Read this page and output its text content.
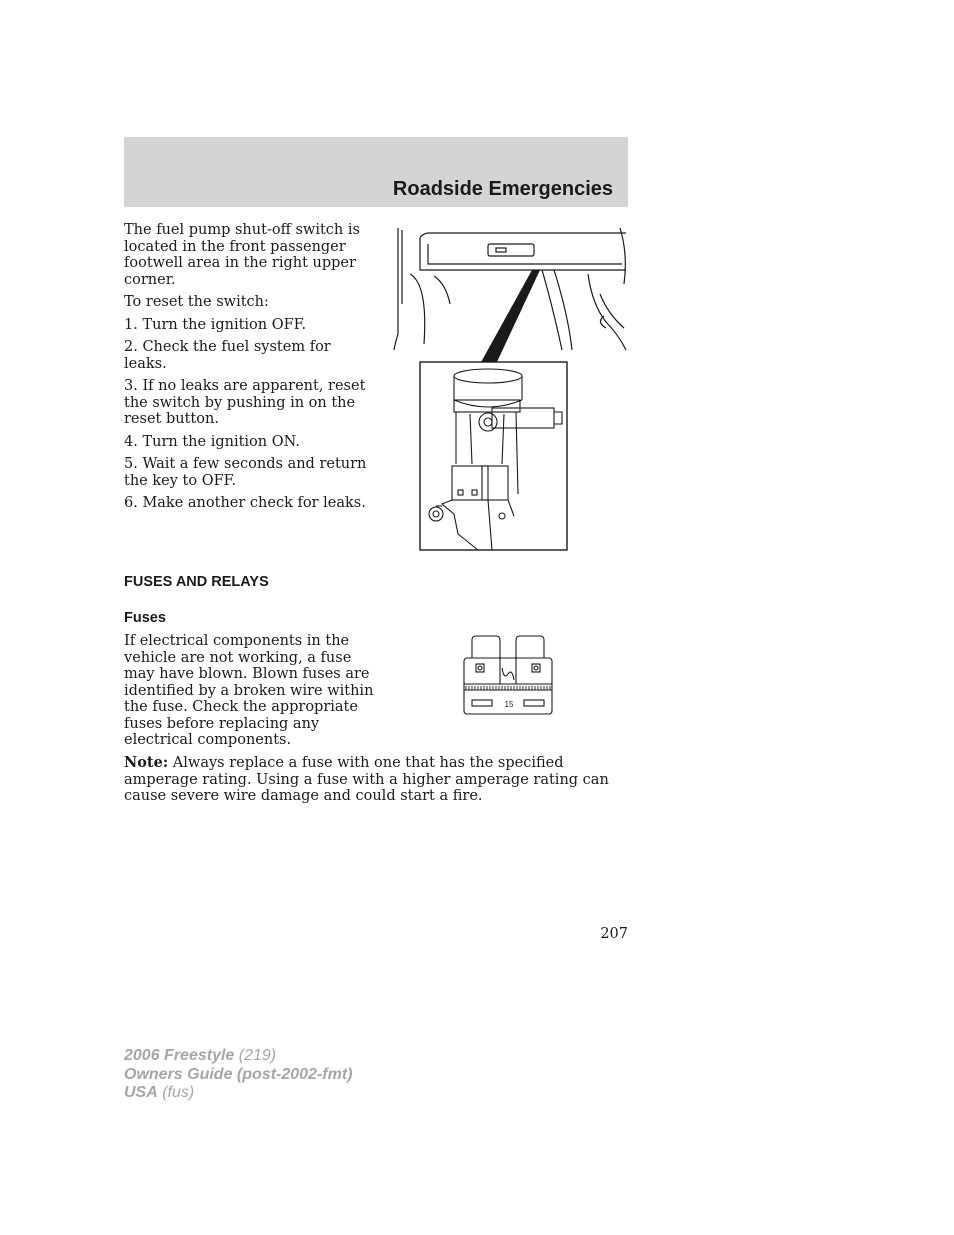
Roadside Emergencies

The fuel pump shut-off switch is located in the front passenger footwell area in the right upper corner.

To reset the switch:

1. Turn the ignition OFF.

2. Check the fuel system for leaks.

3. If no leaks are apparent, reset the switch by pushing in on the reset button.

4. Turn the ignition ON.

5. Wait a few seconds and return the key to OFF.

6. Make another check for leaks.

FUSES AND RELAYS
Fuses
If electrical components in the vehicle are not working, a fuse may have blown. Blown fuses are identified by a broken wire within the fuse. Check the appropriate fuses before replacing any electrical components.
15
Note: Always replace a fuse with one that has the specified amperage rating. Using a fuse with a higher amperage rating can cause severe wire damage and could start a fire.
207
2006 Freestyle (219)
Owners Guide (post-2002-fmt)
USA (fus)
